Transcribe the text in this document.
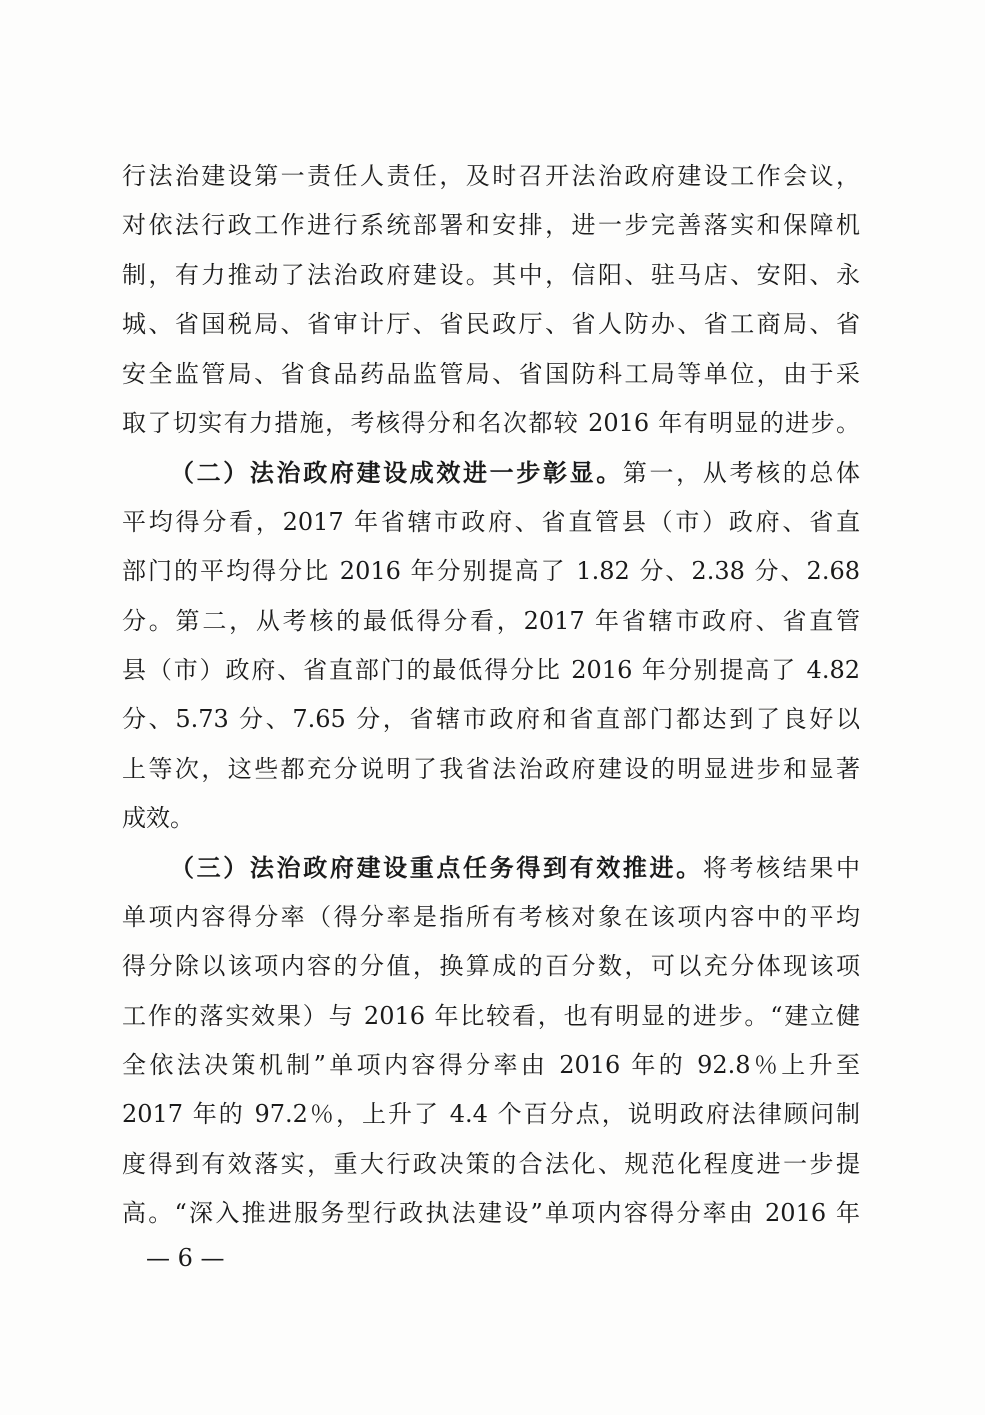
行法治建设第一责任人责任，及时召开法治政府建设工作会议，
对依法行政工作进行系统部署和安排，进一步完善落实和保障机
制，有力推动了法治政府建设。其中，信阳、驻马店、安阳、永
城、省国税局、省审计厅、省民政厅、省人防办、省工商局、省
安全监管局、省食品药品监管局、省国防科工局等单位，由于采
取了切实有力措施，考核得分和名次都较 2016 年有明显的进步。
（二）法治政府建设成效进一步彰显。第一，从考核的总体
平均得分看，2017 年省辖市政府、省直管县（市）政府、省直
部门的平均得分比 2016 年分别提高了 1.82 分、2.38 分、2.68
分。第二，从考核的最低得分看，2017 年省辖市政府、省直管
县（市）政府、省直部门的最低得分比 2016 年分别提高了 4.82
分、5.73 分、7.65 分，省辖市政府和省直部门都达到了良好以
上等次，这些都充分说明了我省法治政府建设的明显进步和显著
成效。
（三）法治政府建设重点任务得到有效推进。将考核结果中
单项内容得分率（得分率是指所有考核对象在该项内容中的平均
得分除以该项内容的分值，换算成的百分数，可以充分体现该项
工作的落实效果）与 2016 年比较看，也有明显的进步。“建立健
全依法决策机制”单项内容得分率由 2016 年的 92.8％上升至
2017 年的 97.2％，上升了 4.4 个百分点，说明政府法律顾问制
度得到有效落实，重大行政决策的合法化、规范化程度进一步提
高。“深入推进服务型行政执法建设”单项内容得分率由 2016 年
— 6 —
